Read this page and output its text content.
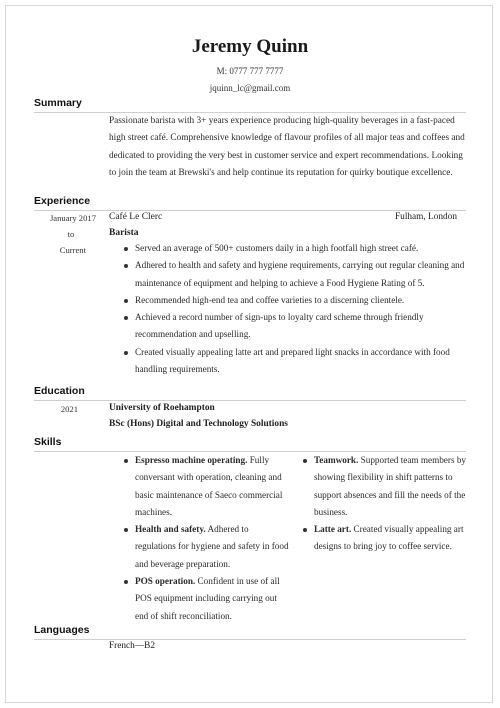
Jeremy Quinn
M: 0777 777 7777
jquinn_lc@gmail.com
Summary

Passionate barista with 3+ years experience producing high-quality beverages in a fast-paced high street café. Comprehensive knowledge of flavour profiles of all major teas and coffees and dedicated to providing the very best in customer service and expert recommendations. Looking to join the team at Brewski's and help continue its reputation for quirky boutique excellence.

Experience
January 2017
to
Current
Café Le Clerc	Fulham, London
Barista
Served an average of 500+ customers daily in a high footfall high street café.
Adhered to health and safety and hygiene requirements, carrying out regular cleaning and maintenance of equipment and helping to achieve a Food Hygiene Rating of 5.
Recommended high-end tea and coffee varieties to a discerning clientele.
Achieved a record number of sign-ups to loyalty card scheme through friendly recommendation and upselling.
Created visually appealing latte art and prepared light snacks in accordance with food handling requirements.
Education
2021	University of Roehampton
BSc (Hons) Digital and Technology Solutions
Skills
Espresso machine operating. Fully conversant with operation, cleaning and basic maintenance of Saeco commercial machines.
Health and safety. Adhered to regulations for hygiene and safety in food and beverage preparation.
POS operation. Confident in use of all POS equipment including carrying out end of shift reconciliation.
Teamwork. Supported team members by showing flexibility in shift patterns to support absences and fill the needs of the business.
Latte art. Created visually appealing art designs to bring joy to coffee service.
Languages
French—B2
